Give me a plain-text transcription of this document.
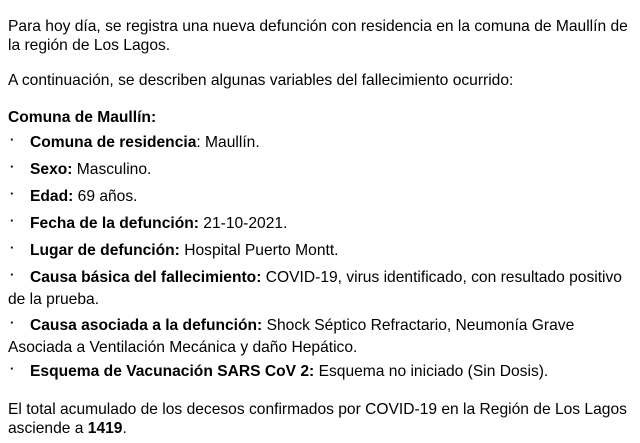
Para hoy día, se registra una nueva defunción con residencia en la comuna de Maullín de
la región de Los Lagos.

A continuación, se describen algunas variables del fallecimiento ocurrido:

Comuna de Maullín:

·	Comuna de residencia: Maullín.
·	Sexo: Masculino.
·	Edad: 69 años.
·	Fecha de la defunción: 21-10-2021.
·	Lugar de defunción: Hospital Puerto Montt.
·	Causa básica del fallecimiento: COVID-19, virus identificado, con resultado positivo
de la prueba.
·	Causa asociada a la defunción: Shock Séptico Refractario, Neumonía Grave
Asociada a Ventilación Mecánica y daño Hepático.
·	Esquema de Vacunación SARS CoV 2: Esquema no iniciado (Sin Dosis).

El total acumulado de los decesos confirmados por COVID-19 en la Región de Los Lagos
asciende a 1419.
